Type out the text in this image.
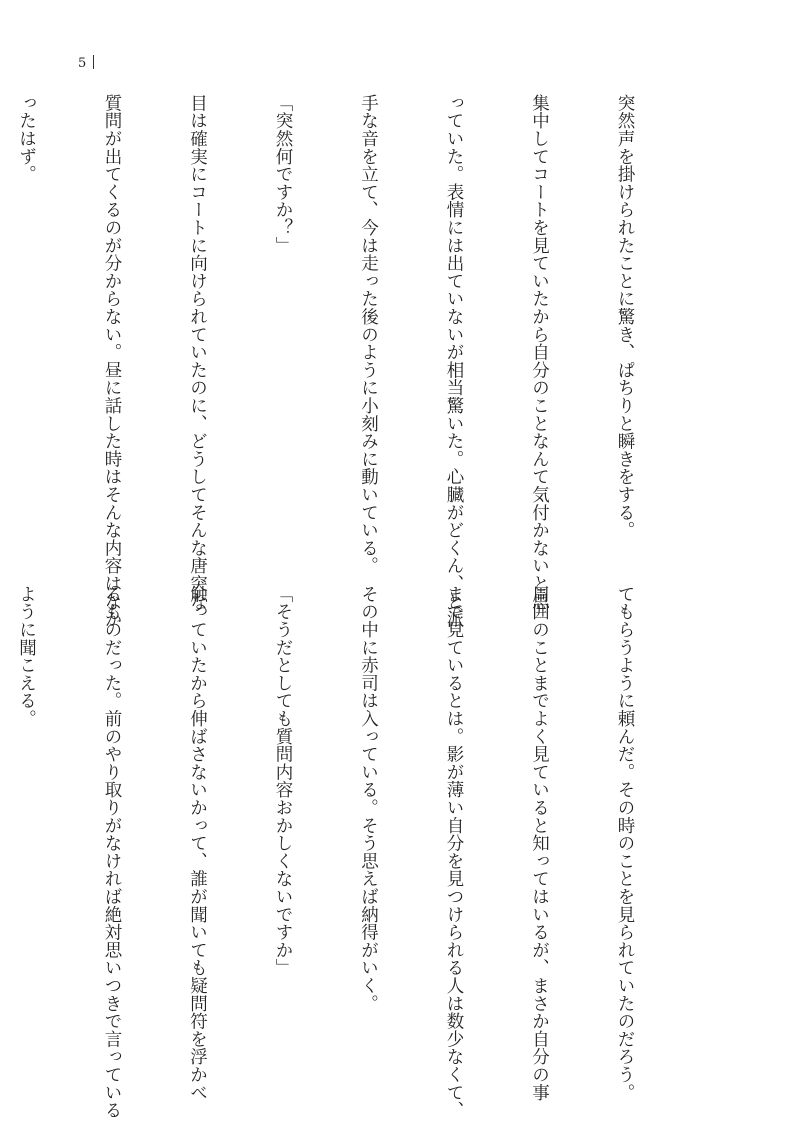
5

突然声を掛けられたことに驚き、ぱちりと瞬きをする。

集中してコートを見ていたから自分のことなんて気付かないと思

っていた。表情には出ていないが相当驚いた。心臓がどくん、と派

手な音を立て、今は走った後のように小刻みに動いている。

「突然何ですか？」

目は確実にコートに向けられていたのに、どうしてそんな唐突な

質問が出てくるのが分からない。昼に話した時はそんな内容はなか

ったはず。

てもらうように頼んだ。その時のことを見られていたのだろう。

周囲のことまでよく見ていると知ってはいるが、まさか自分の事

まで見ているとは。影が薄い自分を見つけられる人は数少なくて、

その中に赤司は入っている。そう思えば納得がいく。

「そうだとしても質問内容おかしくないですか」

触っていたから伸ばさないかって、誰が聞いても疑問符を浮かべ

るものだった。前のやり取りがなければ絶対思いつきで言っている

ように聞こえる。
